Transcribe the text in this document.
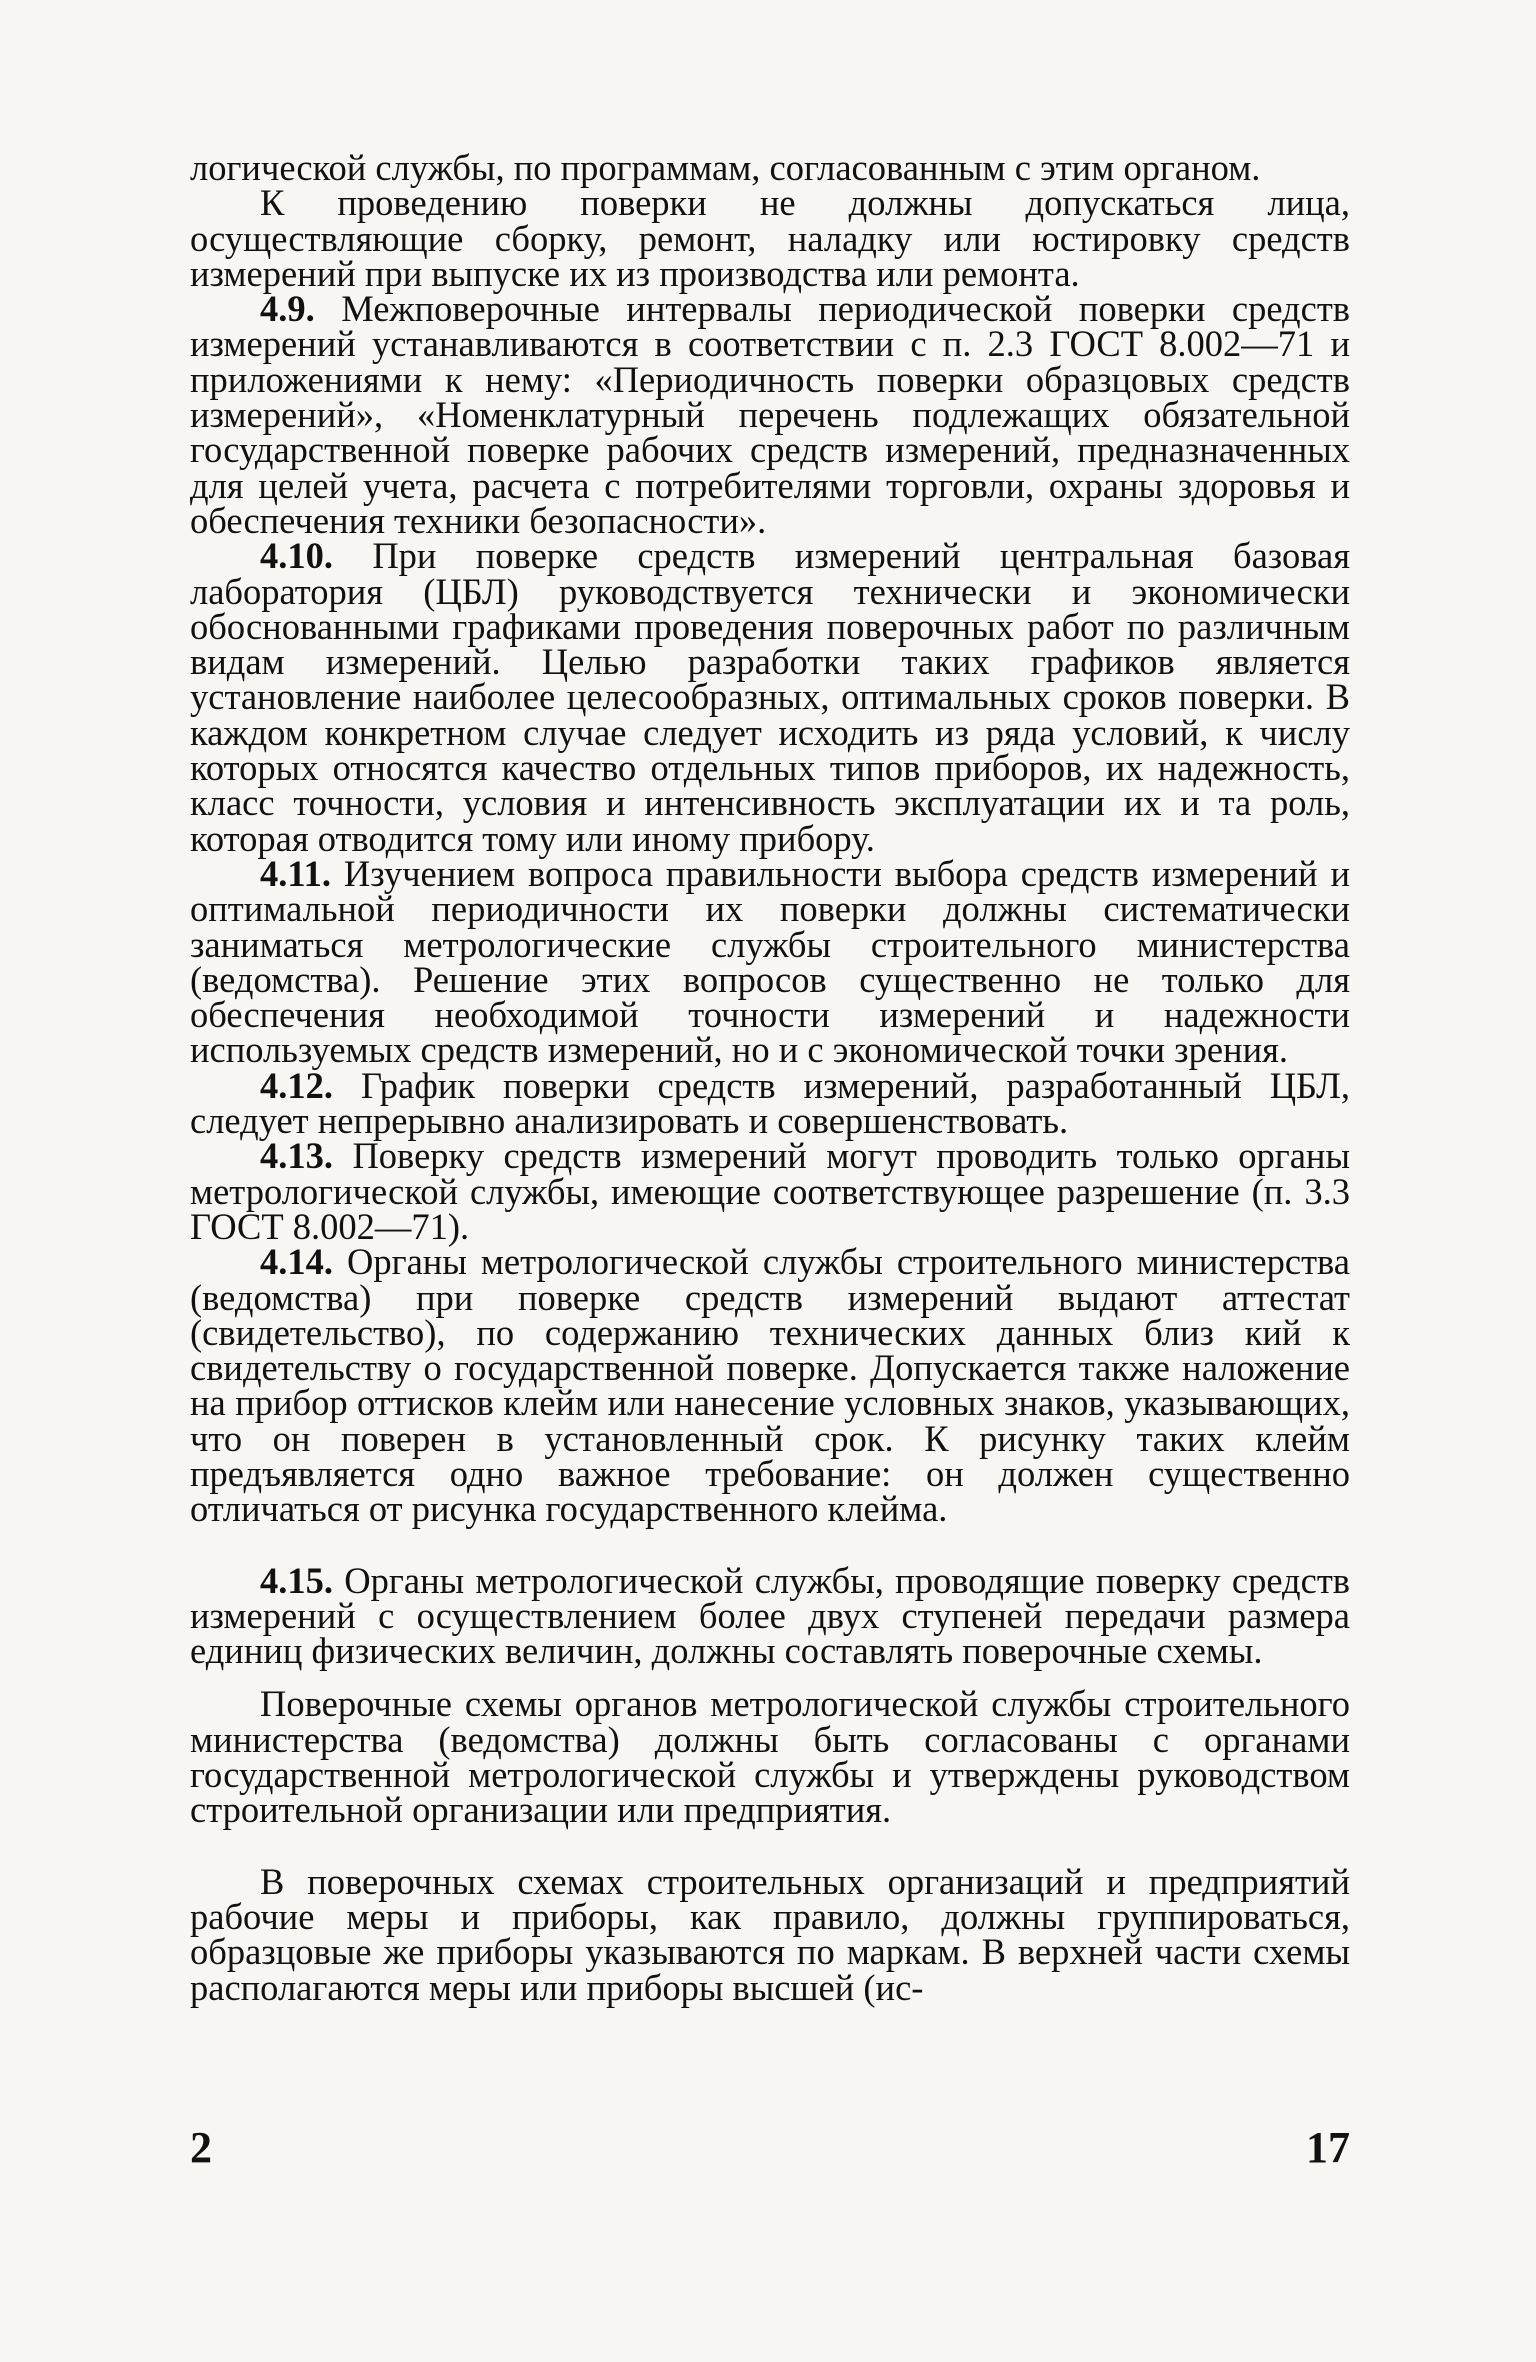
логической службы, по программам, согласованным с этим органом.

К проведению поверки не должны допускаться лица, осуществляющие сборку, ремонт, наладку или юстировку средств измерений при выпуске их из производства или ремонта.

4.9. Межповерочные интервалы периодической поверки средств измерений устанавливаются в соответствии с п. 2.3 ГОСТ 8.002—71 и приложениями к нему: «Периодичность поверки образцовых средств измерений», «Номенклатурный перечень подлежащих обязательной государственной поверке рабочих средств измерений, предназначенных для целей учета, расчета с потребителями торговли, охраны здоровья и обеспечения техники безопасности».

4.10. При поверке средств измерений центральная базовая лаборатория (ЦБЛ) руководствуется технически и экономически обоснованными графиками проведения поверочных работ по различным видам измерений. Целью разработки таких графиков является установление наиболее целесообразных, оптимальных сроков поверки. В каждом конкретном случае следует исходить из ряда условий, к числу которых относятся качество отдельных типов приборов, их надежность, класс точности, условия и интенсивность эксплуатации их и та роль, которая отводится тому или иному прибору.

4.11. Изучением вопроса правильности выбора средств измерений и оптимальной периодичности их поверки должны систематически заниматься метрологические службы строительного министерства (ведомства). Решение этих вопросов существенно не только для обеспечения необходимой точности измерений и надежности используемых средств измерений, но и с экономической точки зрения.

4.12. График поверки средств измерений, разработанный ЦБЛ, следует непрерывно анализировать и совершенствовать.

4.13. Поверку средств измерений могут проводить только органы метрологической службы, имеющие соответствующее разрешение (п. 3.3 ГОСТ 8.002—71).

4.14. Органы метрологической службы строительного министерства (ведомства) при поверке средств измерений выдают аттестат (свидетельство), по содержанию технических данных близ кий к свидетельству о государственной поверке. Допускается также наложение на прибор оттисков клейм или нанесение условных знаков, указывающих, что он поверен в установленный срок. К рисунку таких клейм предъявляется одно важное требование: он должен существенно отличаться от рисунка государственного клейма.

4.15. Органы метрологической службы, проводящие поверку средств измерений с осуществлением более двух ступеней передачи размера единиц физических величин, должны составлять поверочные схемы.

Поверочные схемы органов метрологической службы строительного министерства (ведомства) должны быть согласованы с органами государственной метрологической службы и утверждены руководством строительной организации или предприятия.

В поверочных схемах строительных организаций и предприятий рабочие меры и приборы, как правило, должны группироваться, образцовые же приборы указываются по маркам. В верхней части схемы располагаются меры или приборы высшей (ис-

2	17
